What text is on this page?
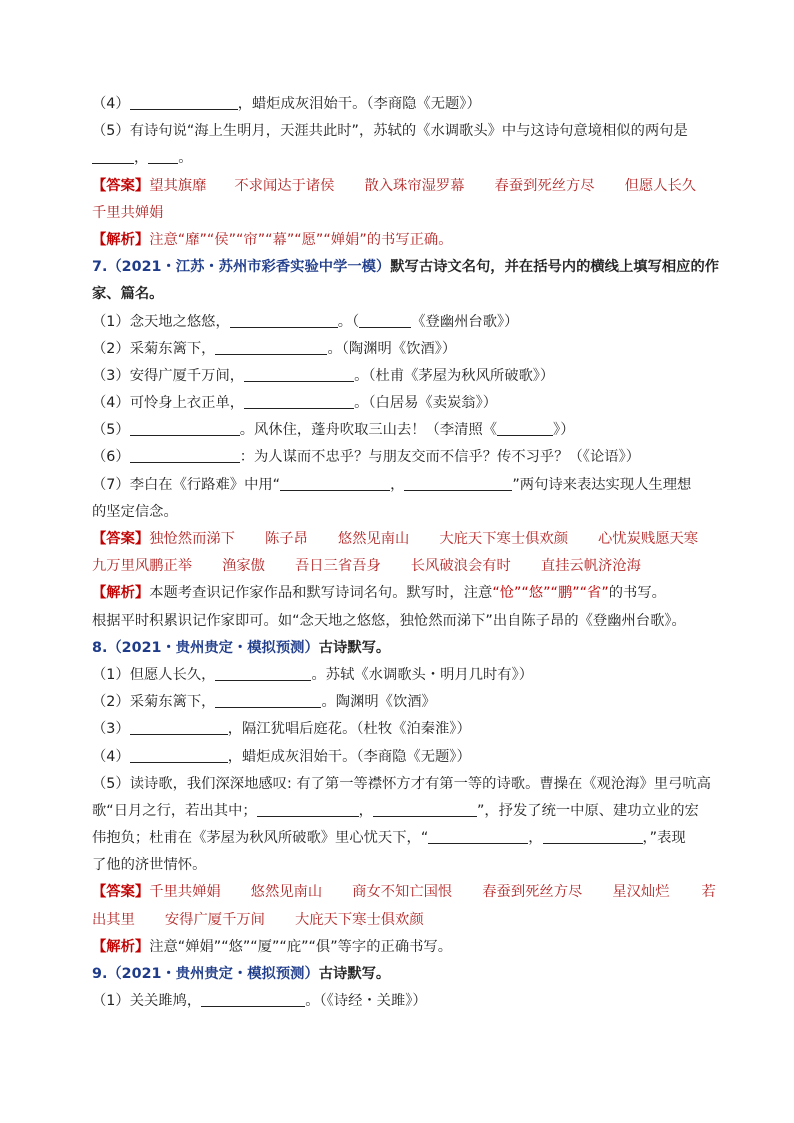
（4）	，蜡炬成灰泪始干。（李商隐《无题》）
（5）有诗句说“海上生明月，天涯共此时”，苏轼的《水调歌头》中与这诗句意境相似的两句是
， 。
【答案】望其旗靡 不求闻达于诸侯 散入珠帘湿罗幕 春蚕到死丝方尽 但愿人长久
千里共婵娟
【解析】注意“靡”“侯”“帘”“幕”“愿”“婵娟”的书写正确。
7.（2021・江苏・苏州市彩香实验中学一模）默写古诗文名句，并在括号内的横线上填写相应的作
家、篇名。
（1）念天地之悠悠，	。（	《登幽州台歌》）
（2）采菊东篱下，	。（陶渊明《饮酒》）
（3）安得广厦千万间，	。（杜甫《茅屋为秋风所破歌》）
（4）可怜身上衣正单，	。（白居易《卖炭翁》）
（5）	。风休住，蓬舟吹取三山去！（李清照《	》）
（6）	：为人谋而不忠乎？与朋友交而不信乎？传不习乎？（《论语》）
（7）李白在《行路难》中用“	，	”两句诗来表达实现人生理想
的坚定信念。
【答案】独怆然而涕下 陈子昂 悠然见南山 大庇天下寒士俱欢颜 心忧炭贱愿天寒
九万里风鹏正举 渔家傲 吾日三省吾身 长风破浪会有时 直挂云帆济沧海
【解析】本题考查识记作家作品和默写诗词名句。默写时，注意“怆”“悠”“鹏”“省”的书写。
根据平时积累识记作家即可。如“念天地之悠悠，独怆然而涕下”出自陈子昂的《登幽州台歌》。
8.（2021・贵州贵定・模拟预测）古诗默写。
（1）但愿人长久，	。苏轼《水调歌头・明月几时有》）
（2）采菊东篱下，	。陶渊明《饮酒》
（3）	，隔江犹唱后庭花。（杜牧《泊秦淮》）
（4）	，蜡炬成灰泪始干。（李商隐《无题》）
（5）读诗歌，我们深深地感叹: 有了第一等襟怀方才有第一等的诗歌。曹操在《观沧海》里弓吭高
歌“日月之行，若出其中；	，	”，抒发了统一中原、建功立业的宏
伟抱负；杜甫在《茅屋为秋风所破歌》里心忧天下，“	，	，”表现
了他的济世情怀。
【答案】千里共婵娟 悠然见南山 商女不知亡国恨 春蚕到死丝方尽 星汉灿烂 若
出其里 安得广厦千万间 大庇天下寒士俱欢颜
【解析】注意“婵娟”“悠”“厦”“庇”“俱”等字的正确书写。
9.（2021・贵州贵定・模拟预测）古诗默写。
（1）关关雎鸠，	。（《诗经・关雎》）
